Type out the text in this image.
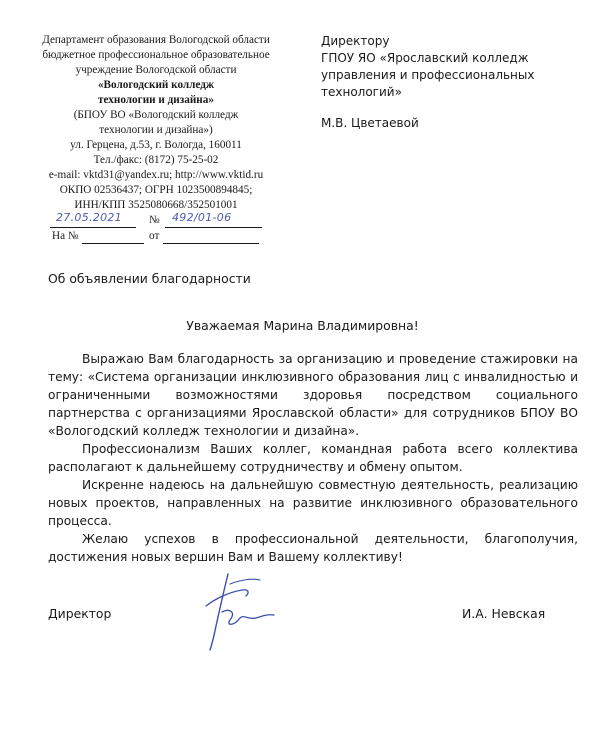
Департамент образования Вологодской области
бюджетное профессиональное образовательное
учреждение Вологодской области
«Вологодский колледж
технологии и дизайна»
(БПОУ ВО «Вологодский колледж
технологии и дизайна»)
ул. Герцена, д.53, г. Вологда, 160011
Тел./факс: (8172) 75-25-02
e-mail: vktd31@yandex.ru; http://www.vktid.ru
ОКПО 02536437; ОГРН 1023500894845;
ИНН/КПП 3525080668/352501001
27.05.2021 № 492/01-06
На №	от
Директору
ГПОУ ЯО «Ярославский колледж
управления и профессиональных
технологий»
М.В. Цветаевой
Об объявлении благодарности
Уважаемая Марина Владимировна!

Выражаю Вам благодарность за организацию и проведение стажировки на тему: «Система организации инклюзивного образования лиц с инвалидностью и ограниченными возможностями здоровья посредством социального партнерства с организациями Ярославской области» для сотрудников БПОУ ВО «Вологодский колледж технологии и дизайна».

Профессионализм Ваших коллег, командная работа всего коллектива располагают к дальнейшему сотрудничеству и обмену опытом.

Искренне надеюсь на дальнейшую совместную деятельность, реализацию новых проектов, направленных на развитие инклюзивного образовательного процесса.

Желаю успехов в профессиональной деятельности, благополучия, достижения новых вершин Вам и Вашему коллективу!

Директор	И.А. Невская
